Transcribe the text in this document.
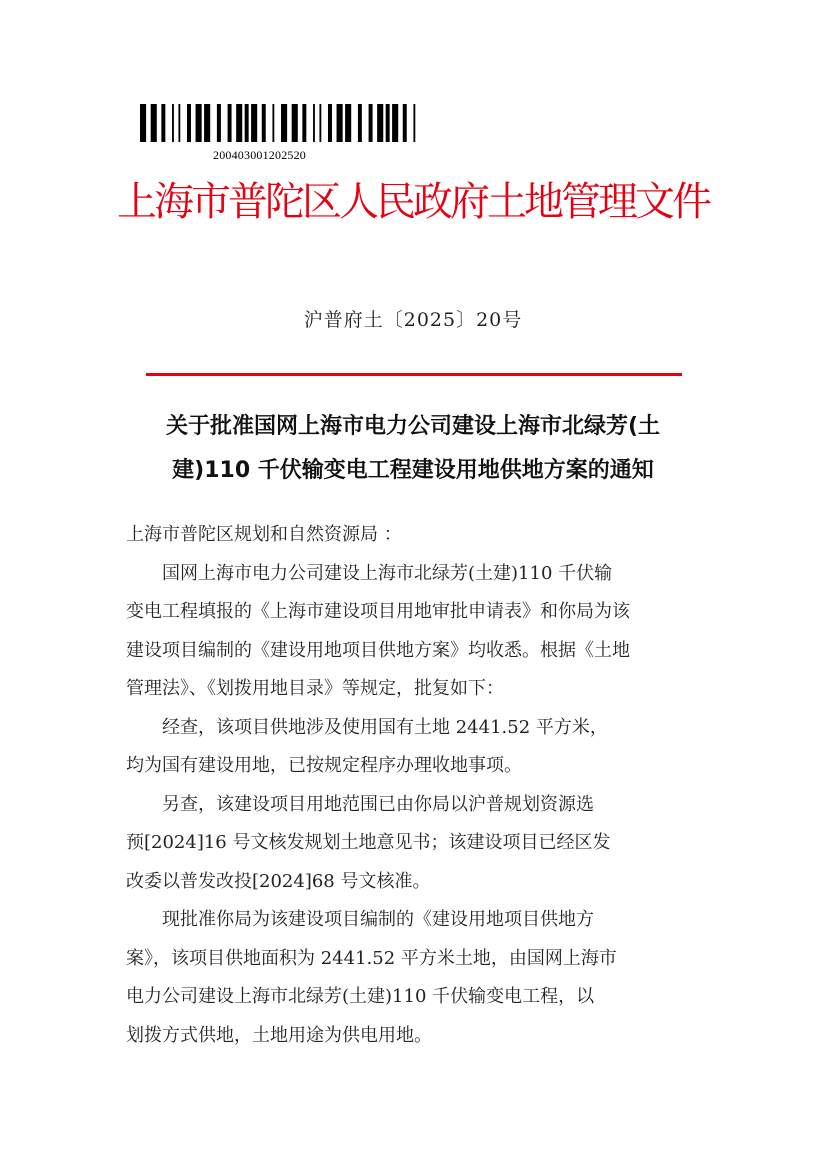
200403001202520
上海市普陀区人民政府土地管理文件
沪普府土〔2025〕20号
关于批准国网上海市电力公司建设上海市北绿芳(土
建)110 千伏输变电工程建设用地供地方案的通知
上海市普陀区规划和自然资源局 ：
国网上海市电力公司建设上海市北绿芳(土建)110 千伏输
变电工程填报的《上海市建设项目用地审批申请表》和你局为该
建设项目编制的《建设用地项目供地方案》均收悉。根据《土地
管理法》、《划拨用地目录》等规定，批复如下：
经查，该项目供地涉及使用国有土地 2441.52 平方米，
均为国有建设用地，已按规定程序办理收地事项。
另查，该建设项目用地范围已由你局以沪普规划资源选
预[2024]16 号文核发规划土地意见书；该建设项目已经区发
改委以普发改投[2024]68 号文核准。
现批准你局为该建设项目编制的《建设用地项目供地方
案》，该项目供地面积为 2441.52 平方米土地，由国网上海市
电力公司建设上海市北绿芳(土建)110 千伏输变电工程，以
划拨方式供地，土地用途为供电用地。
